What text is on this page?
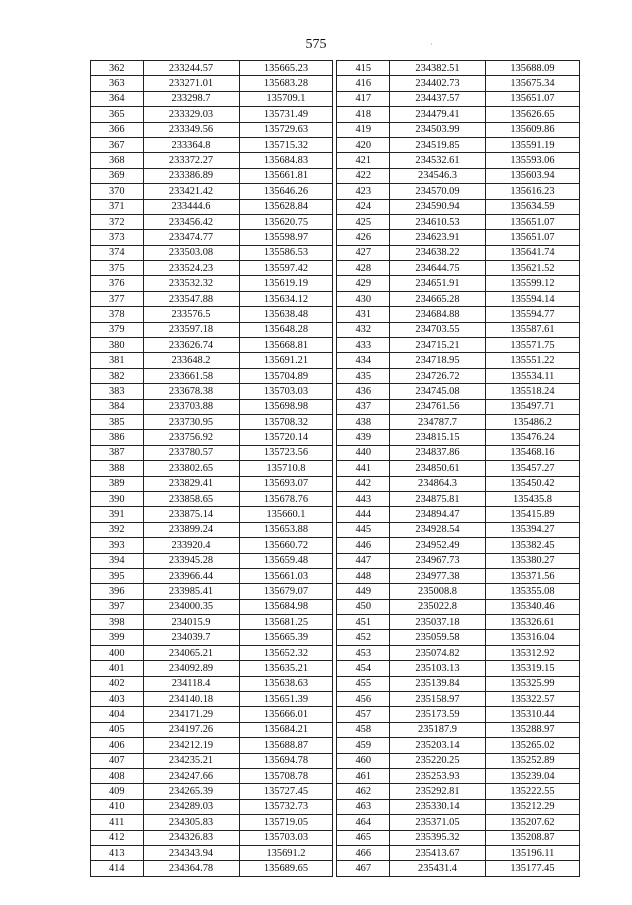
575	·
362	233244.57	135665.23		415	234382.51	135688.09
363	233271.01	135683.28		416	234402.73	135675.34
364	233298.7	135709.1		417	234437.57	135651.07
365	233329.03	135731.49		418	234479.41	135626.65
366	233349.56	135729.63		419	234503.99	135609.86
367	233364.8	135715.32		420	234519.85	135591.19
368	233372.27	135684.83		421	234532.61	135593.06
369	233386.89	135661.81		422	234546.3	135603.94
370	233421.42	135646.26		423	234570.09	135616.23
371	233444.6	135628.84		424	234590.94	135634.59
372	233456.42	135620.75		425	234610.53	135651.07
373	233474.77	135598.97		426	234623.91	135651.07
374	233503.08	135586.53		427	234638.22	135641.74
375	233524.23	135597.42		428	234644.75	135621.52
376	233532.32	135619.19		429	234651.91	135599.12
377	233547.88	135634.12		430	234665.28	135594.14
378	233576.5	135638.48		431	234684.88	135594.77
379	233597.18	135648.28		432	234703.55	135587.61
380	233626.74	135668.81		433	234715.21	135571.75
381	233648.2	135691.21		434	234718.95	135551.22
382	233661.58	135704.89		435	234726.72	135534.11
383	233678.38	135703.03		436	234745.08	135518.24
384	233703.88	135698.98		437	234761.56	135497.71
385	233730.95	135708.32		438	234787.7	135486.2
386	233756.92	135720.14		439	234815.15	135476.24
387	233780.57	135723.56		440	234837.86	135468.16
388	233802.65	135710.8		441	234850.61	135457.27
389	233829.41	135693.07		442	234864.3	135450.42
390	233858.65	135678.76		443	234875.81	135435.8
391	233875.14	135660.1		444	234894.47	135415.89
392	233899.24	135653.88		445	234928.54	135394.27
393	233920.4	135660.72		446	234952.49	135382.45
394	233945.28	135659.48		447	234967.73	135380.27
395	233966.44	135661.03		448	234977.38	135371.56
396	233985.41	135679.07		449	235008.8	135355.08
397	234000.35	135684.98		450	235022.8	135340.46
398	234015.9	135681.25		451	235037.18	135326.61
399	234039.7	135665.39		452	235059.58	135316.04
400	234065.21	135652.32		453	235074.82	135312.92
401	234092.89	135635.21		454	235103.13	135319.15
402	234118.4	135638.63		455	235139.84	135325.99
403	234140.18	135651.39		456	235158.97	135322.57
404	234171.29	135666.01		457	235173.59	135310.44
405	234197.26	135684.21		458	235187.9	135288.97
406	234212.19	135688.87		459	235203.14	135265.02
407	234235.21	135694.78		460	235220.25	135252.89
408	234247.66	135708.78		461	235253.93	135239.04
409	234265.39	135727.45		462	235292.81	135222.55
410	234289.03	135732.73		463	235330.14	135212.29
411	234305.83	135719.05		464	235371.05	135207.62
412	234326.83	135703.03		465	235395.32	135208.87
413	234343.94	135691.2		466	235413.67	135196.11
414	234364.78	135689.65		467	235431.4	135177.45
